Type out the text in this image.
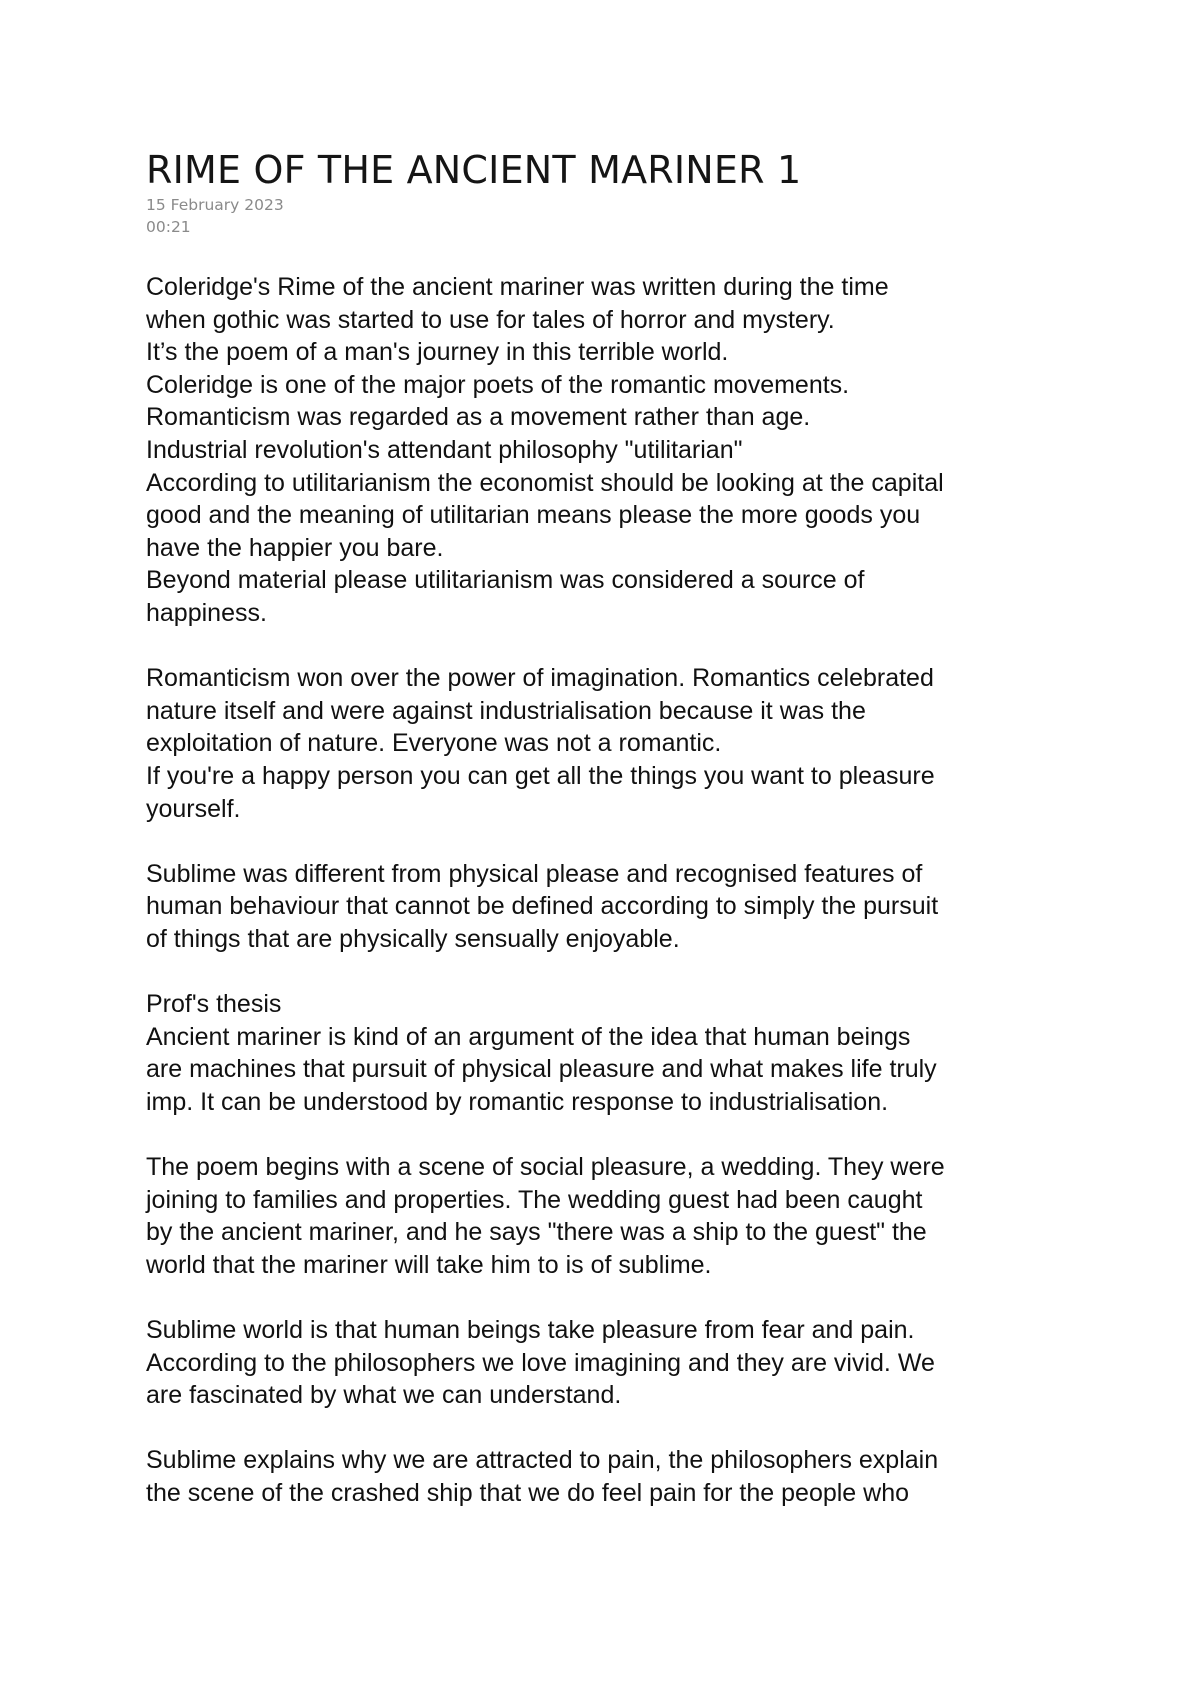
RIME OF THE ANCIENT MARINER 1

15 February 2023

00:21

Coleridge's Rime of the ancient mariner was written during the time
when gothic was started to use for tales of horror and mystery.
It’s the poem of a man's journey in this terrible world.
Coleridge is one of the major poets of the romantic movements.
Romanticism was regarded as a movement rather than age.
Industrial revolution's attendant philosophy "utilitarian"
According to utilitarianism the economist should be looking at the capital
good and the meaning of utilitarian means please the more goods you
have the happier you bare.
Beyond material please utilitarianism was considered a source of
happiness.

Romanticism won over the power of imagination. Romantics celebrated
nature itself and were against industrialisation because it was the
exploitation of nature. Everyone was not a romantic.
If you're a happy person you can get all the things you want to pleasure
yourself.

Sublime was different from physical please and recognised features of
human behaviour that cannot be defined according to simply the pursuit
of things that are physically sensually enjoyable.

Prof's thesis
Ancient mariner is kind of an argument of the idea that human beings
are machines that pursuit of physical pleasure and what makes life truly
imp. It can be understood by romantic response to industrialisation.

The poem begins with a scene of social pleasure, a wedding. They were
joining to families and properties. The wedding guest had been caught
by the ancient mariner, and he says "there was a ship to the guest" the
world that the mariner will take him to is of sublime.

Sublime world is that human beings take pleasure from fear and pain.
According to the philosophers we love imagining and they are vivid. We
are fascinated by what we can understand.

Sublime explains why we are attracted to pain, the philosophers explain
the scene of the crashed ship that we do feel pain for the people who
